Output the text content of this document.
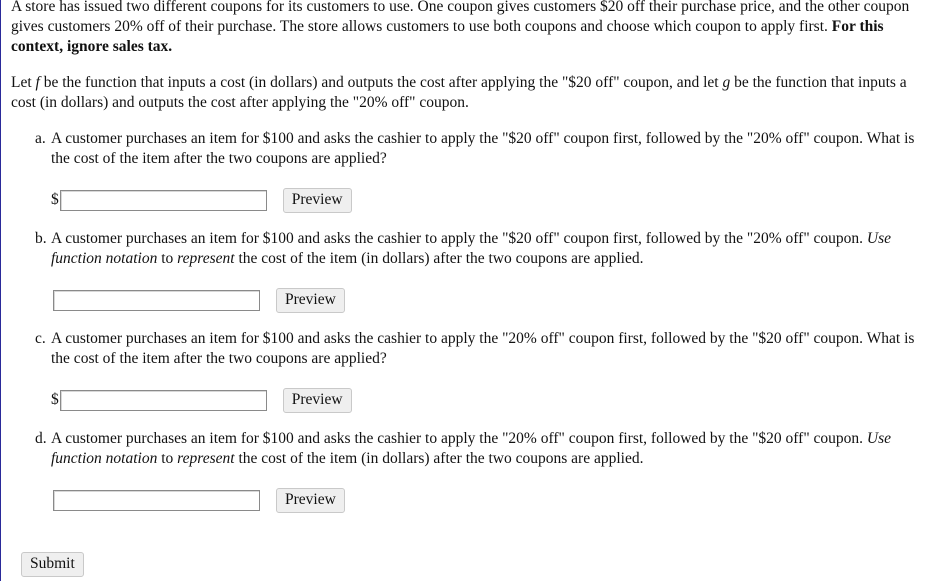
A store has issued two different coupons for its customers to use. One coupon gives customers $20 off their purchase price, and the other coupon gives customers 20% off of their purchase. The store allows customers to use both coupons and choose which coupon to apply first. For this context, ignore sales tax.

Let f be the function that inputs a cost (in dollars) and outputs the cost after applying the "$20 off" coupon, and let g be the function that inputs a cost (in dollars) and outputs the cost after applying the "20% off" coupon.

a. A customer purchases an item for $100 and asks the cashier to apply the "$20 off" coupon first, followed by the "20% off" coupon. What is the cost of the item after the two coupons are applied?
$	Preview
b. A customer purchases an item for $100 and asks the cashier to apply the "$20 off" coupon first, followed by the "20% off" coupon. Use function notation to represent the cost of the item (in dollars) after the two coupons are applied.
Preview
c. A customer purchases an item for $100 and asks the cashier to apply the "20% off" coupon first, followed by the "$20 off" coupon. What is the cost of the item after the two coupons are applied?
$	Preview
d. A customer purchases an item for $100 and asks the cashier to apply the "20% off" coupon first, followed by the "$20 off" coupon. Use function notation to represent the cost of the item (in dollars) after the two coupons are applied.
Preview
Submit
